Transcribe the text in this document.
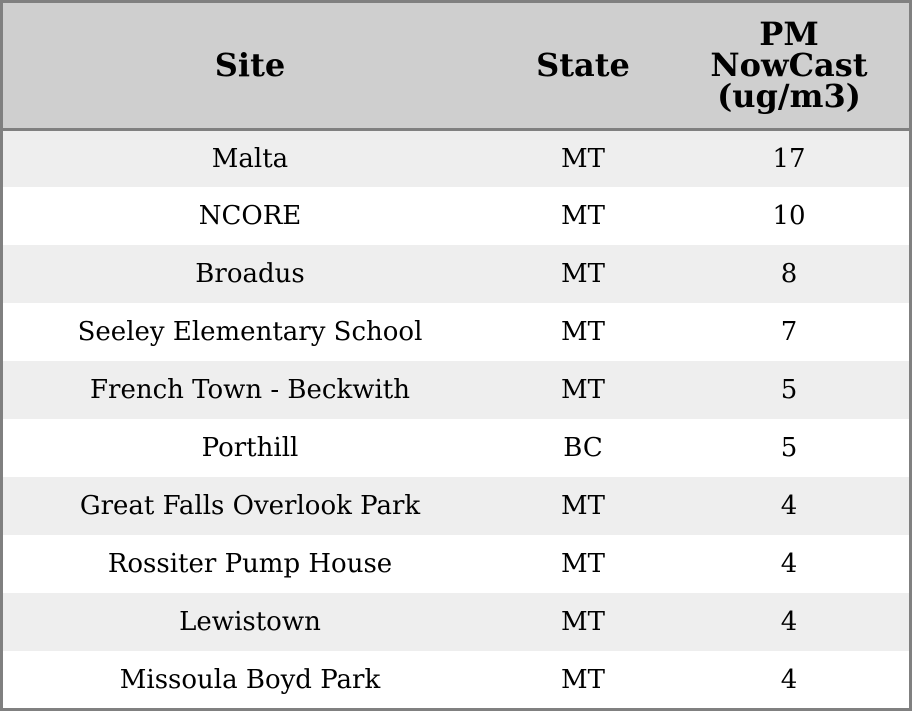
Site	State	PM
NowCast
(ug/m3)

Malta	MT	17
NCORE	MT	10
Broadus	MT	8
Seeley Elementary School	MT	7
French Town - Beckwith	MT	5
Porthill	BC	5
Great Falls Overlook Park	MT	4
Rossiter Pump House	MT	4
Lewistown	MT	4
Missoula Boyd Park	MT	4
